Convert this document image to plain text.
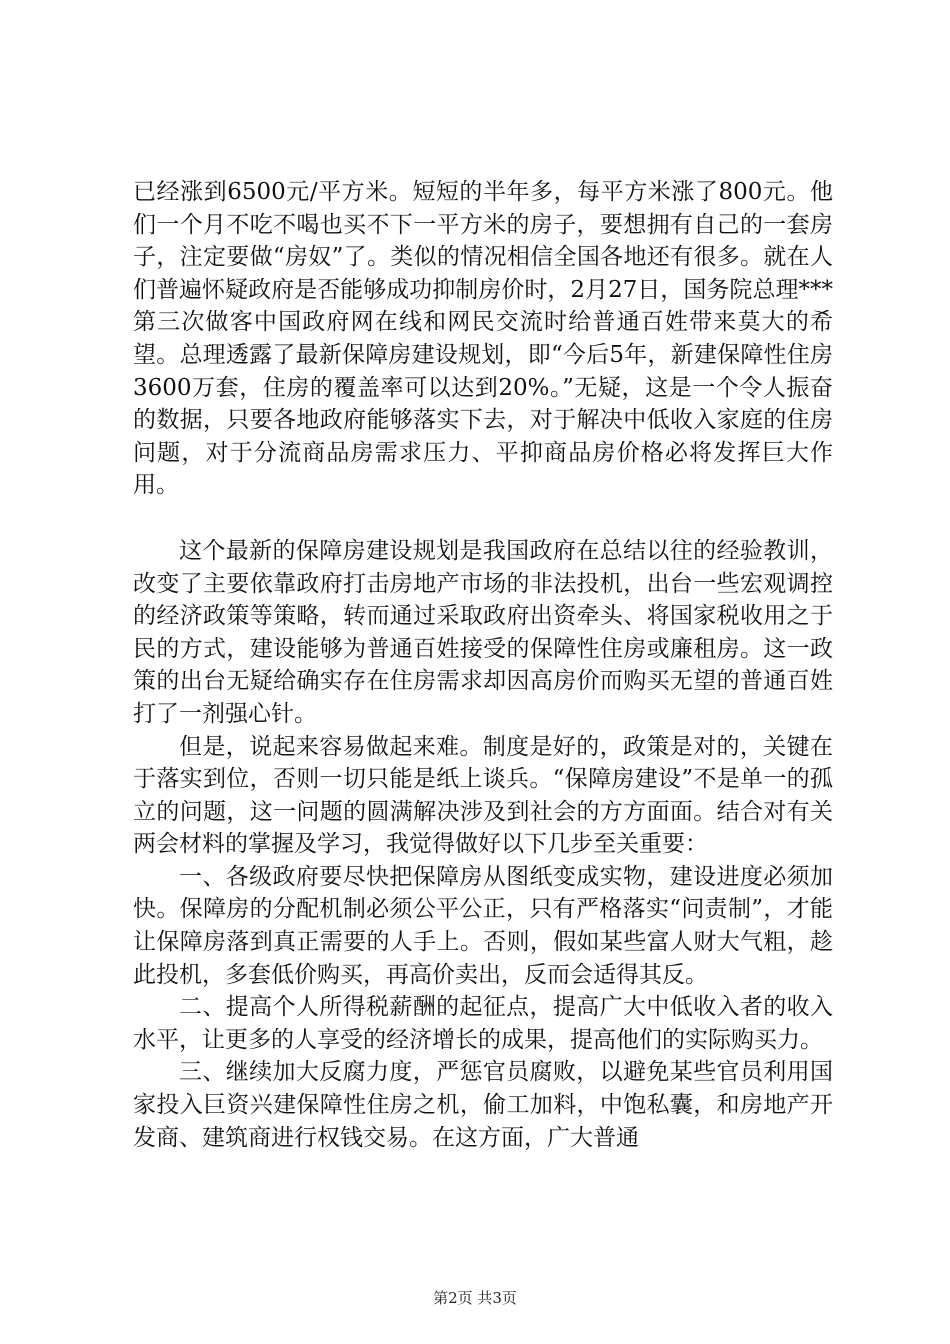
已经涨到6500元/平方米。短短的半年多，每平方米涨了800元。他们一个月不吃不喝也买不下一平方米的房子，要想拥有自己的一套房子，注定要做“房奴”了。类似的情况相信全国各地还有很多。就在人们普遍怀疑政府是否能够成功抑制房价时，2月27日，国务院总理***第三次做客中国政府网在线和网民交流时给普通百姓带来莫大的希望。总理透露了最新保障房建设规划，即“今后5年，新建保障性住房3600万套，住房的覆盖率可以达到20%。”无疑，这是一个令人振奋的数据，只要各地政府能够落实下去，对于解决中低收入家庭的住房问题，对于分流商品房需求压力、平抑商品房价格必将发挥巨大作用。

这个最新的保障房建设规划是我国政府在总结以往的经验教训，改变了主要依靠政府打击房地产市场的非法投机，出台一些宏观调控的经济政策等策略，转而通过采取政府出资牵头、将国家税收用之于民的方式，建设能够为普通百姓接受的保障性住房或廉租房。这一政策的出台无疑给确实存在住房需求却因高房价而购买无望的普通百姓打了一剂强心针。

但是，说起来容易做起来难。制度是好的，政策是对的，关键在于落实到位，否则一切只能是纸上谈兵。“保障房建设”不是单一的孤立的问题，这一问题的圆满解决涉及到社会的方方面面。结合对有关两会材料的掌握及学习，我觉得做好以下几步至关重要：

一、各级政府要尽快把保障房从图纸变成实物，建设进度必须加快。保障房的分配机制必须公平公正，只有严格落实“问责制”，才能让保障房落到真正需要的人手上。否则，假如某些富人财大气粗，趁此投机，多套低价购买，再高价卖出，反而会适得其反。

二、提高个人所得税薪酬的起征点，提高广大中低收入者的收入水平，让更多的人享受的经济增长的成果，提高他们的实际购买力。

三、继续加大反腐力度，严惩官员腐败，以避免某些官员利用国家投入巨资兴建保障性住房之机，偷工加料，中饱私囊，和房地产开发商、建筑商进行权钱交易。在这方面，广大普通

第2页 共3页
